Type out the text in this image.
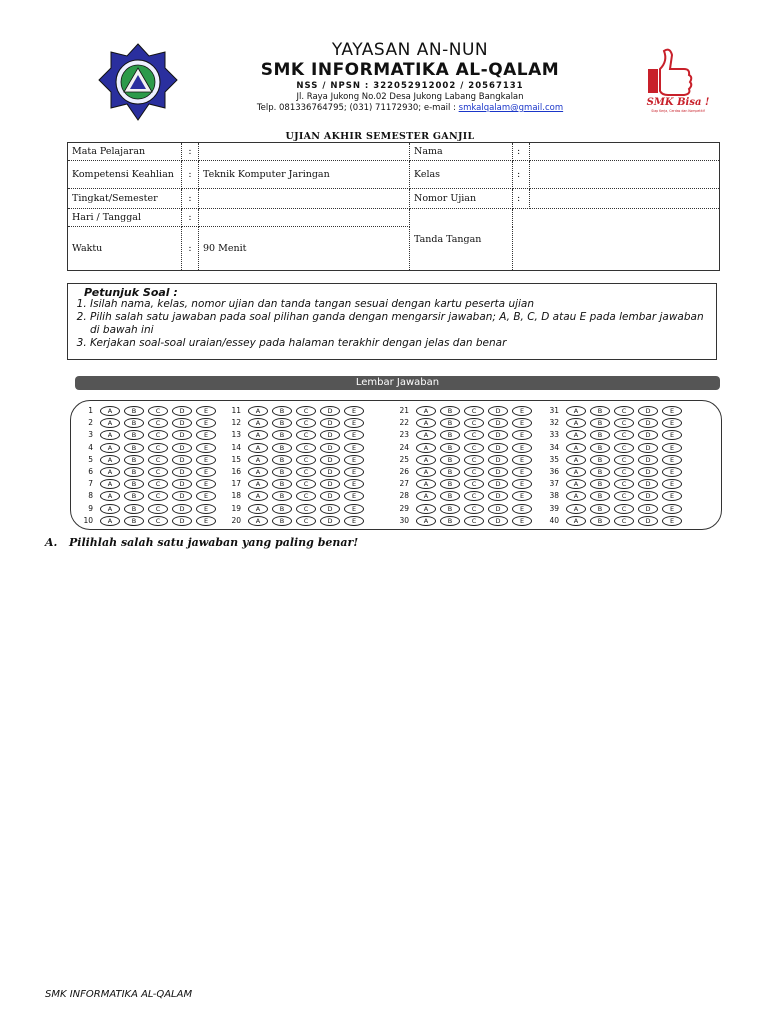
SMK Bisa !
Siap Kerja, Cerdas dan Kompetitif
YAYASAN AN-NUN
SMK INFORMATIKA AL-QALAM
NSS / NPSN : 322052912002 / 20567131
Jl. Raya Jukong No.02 Desa Jukong Labang Bangkalan
Telp. 081336764795; (031) 71172930; e-mail : smkalqalam@gmail.com
UJIAN AKHIR SEMESTER GANJIL
Mata Pelajaran	:		Nama	:	
Kompetensi Keahlian	:	Teknik Komputer Jaringan	Kelas	:	
Tingkat/Semester	:		Nomor Ujian	:	
Hari / Tanggal	:		Tanda Tangan		
Waktu	:	90 Menit			
Petunjuk Soal :
1. Isilah nama, kelas, nomor ujian dan tanda tangan sesuai dengan kartu peserta ujian
2. Pilih salah satu jawaban pada soal pilihan ganda dengan mengarsir jawaban; A, B, C, D atau E pada lembar jawaban di bawah ini
3. Kerjakan soal-soal uraian/essey pada halaman terakhir dengan jelas dan benar
Lembar Jawaban
1	A	B	C	D	E
2	A	B	C	D	E
3	A	B	C	D	E
4	A	B	C	D	E
5	A	B	C	D	E
6	A	B	C	D	E
7	A	B	C	D	E
8	A	B	C	D	E
9	A	B	C	D	E
10	A	B	C	D	E
11	A	B	C	D	E
12	A	B	C	D	E
13	A	B	C	D	E
14	A	B	C	D	E
15	A	B	C	D	E
16	A	B	C	D	E
17	A	B	C	D	E
18	A	B	C	D	E
19	A	B	C	D	E
20	A	B	C	D	E
21	A	B	C	D	E
22	A	B	C	D	E
23	A	B	C	D	E
24	A	B	C	D	E
25	A	B	C	D	E
26	A	B	C	D	E
27	A	B	C	D	E
28	A	B	C	D	E
29	A	B	C	D	E
30	A	B	C	D	E
31	A	B	C	D	E
32	A	B	C	D	E
33	A	B	C	D	E
34	A	B	C	D	E
35	A	B	C	D	E
36	A	B	C	D	E
37	A	B	C	D	E
38	A	B	C	D	E
39	A	B	C	D	E
40	A	B	C	D	E
A. Pilihlah salah satu jawaban yang paling benar!
SMK INFORMATIKA AL-QALAM
